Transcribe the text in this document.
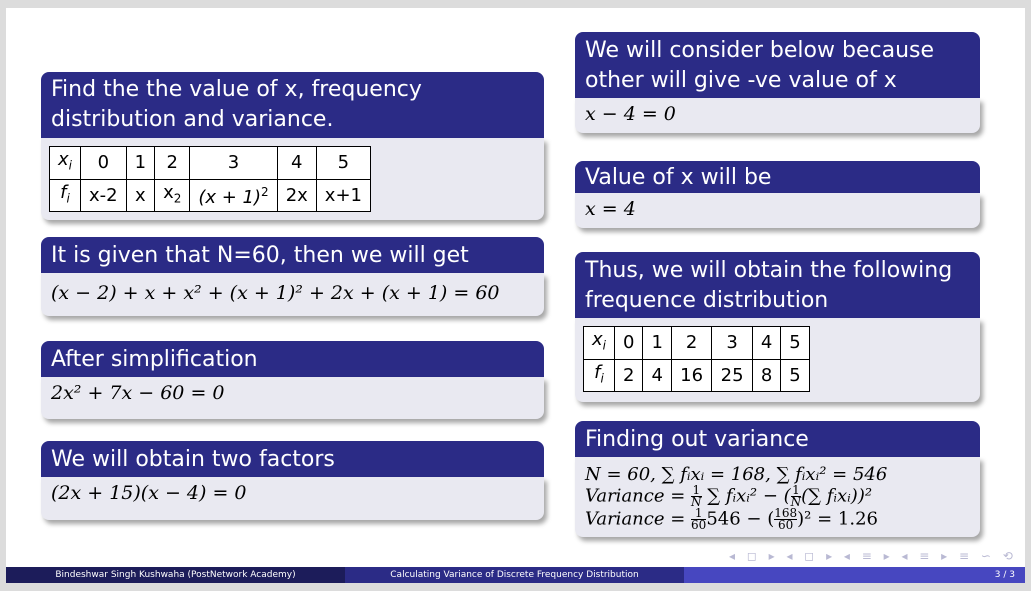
Find the the value of x, frequency distribution and variance.
$x_i$	0	1	2	3	4	5
$f_i$	x-2	x	$x_2$	$(x + 1)^2$	2x	x+1
It is given that N=60, then we will get
(x − 2) + x + x² + (x + 1)² + 2x + (x + 1) = 60
After simplification
2x² + 7x − 60 = 0
We will obtain two factors
(2x + 15)(x − 4) = 0
We will consider below because other will give -ve value of x
x − 4 = 0
Value of x will be
x = 4
Thus, we will obtain the following frequence distribution
$x_i$	0	1	2	3	4	5
$f_i$	2	4	16	25	8	5
Finding out variance
N = 60, ∑ fᵢxᵢ = 168, ∑ fᵢxᵢ² = 546
Variance = $\frac{1}{N}$ ∑ fᵢxᵢ² − ( $\frac{1}{N}$ (∑ fᵢxᵢ))²
Variance = $\frac{1}{60} 546$ − ( $\frac{168}{60} )^2 = 1.26$
◂ ◻ ▸ ◂ ◻ ▸ ◂ ≡ ▸ ◂ ≡ ▸ ≡ ∽ ⟲
Bindeshwar Singh Kushwaha (PostNetwork Academy)	Calculating Variance of Discrete Frequency Distribution	3 / 3
